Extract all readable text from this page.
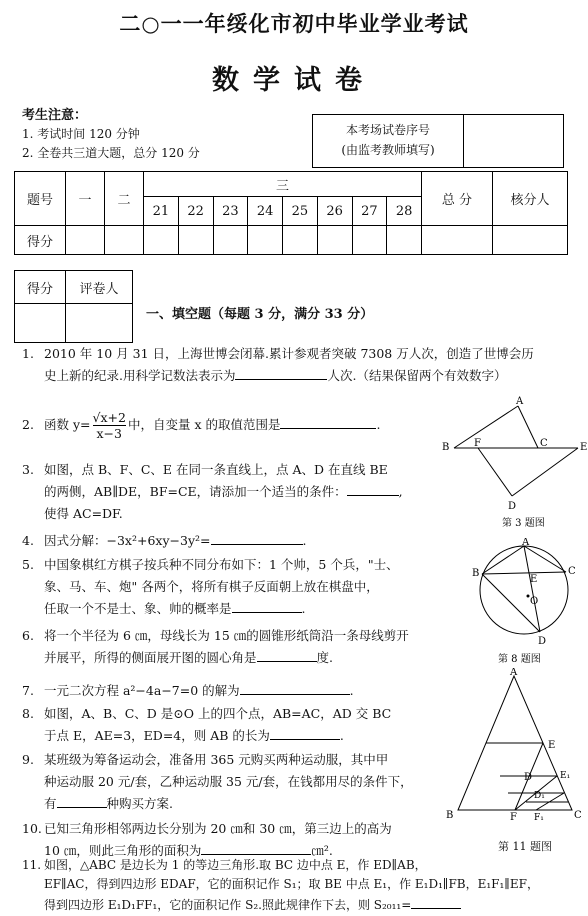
二○一一年绥化市初中毕业学业考试
数学试卷
考生注意：
1. 考试时间 120 分钟
2. 全卷共三道大题，总分 120 分
本考场试卷序号
(由监考教师填写)
题号	一	二	三								总 分	核分人
			21	22	23	24	25	26	27	28		
得分												
得分	评卷人

一、填空题（每题 3 分，满分 33 分）
1. 2010 年 10 月 31 日，上海世博会闭幕.累计参观者突破 7308 万人次，创造了世博会历
史上新的纪录.用科学记数法表示为	人次.（结果保留两个有效数字）
2. 函数 $y= \frac{√x+2}{x-3}$ 中，自变量 x 的取值范围是	.
3. 如图，点 B、F、C、E 在同一条直线上，点 A、D 在直线 BE
的两侧，AB∥DE，BF=CE，请添加一个适当的条件：	,
使得 AC=DF.
4. 因式分解：−3x²+6xy−3y²=	.
5. 中国象棋红方棋子按兵种不同分布如下：1 个帅，5 个兵，"士、
象、马、车、炮" 各两个，将所有棋子反面朝上放在棋盘中，
任取一个不是士、象、帅的概率是	.
6. 将一个半径为 6 ㎝，母线长为 15 ㎝的圆锥形纸筒沿一条母线剪开
并展平，所得的侧面展开图的圆心角是	度.
7. 一元二次方程 a²−4a−7=0 的解为	.
8. 如图，A、B、C、D 是⊙O 上的四个点，AB=AC，AD 交 BC
于点 E，AE=3，ED=4，则 AB 的长为	.
9. 某班级为筹备运动会，准备用 365 元购买两种运动服，其中甲
种运动服 20 元/套，乙种运动服 35 元/套，在钱都用尽的条件下，
有	种购买方案.
10. 已知三角形相邻两边长分别为 20 ㎝和 30 ㎝，第三边上的高为
10 ㎝，则此三角形的面积为	㎝².
11. 如图，△ABC 是边长为 1 的等边三角形.取 BC 边中点 E，作 ED∥AB，
EF∥AC，得到四边形 EDAF，它的面积记作 S₁；取 BE 中点 E₁，作 E₁D₁∥FB，E₁F₁∥EF，
得到四边形 E₁D₁FF₁，它的面积记作 S₂.照此规律作下去，则 S₂₀₁₁=
A
B F	C	E
D
第 3 题图
A
B	C
E
O
D
第 8 题图
A
B	C
D
E
F
D₁
E₁
F₁
第 11 题图
